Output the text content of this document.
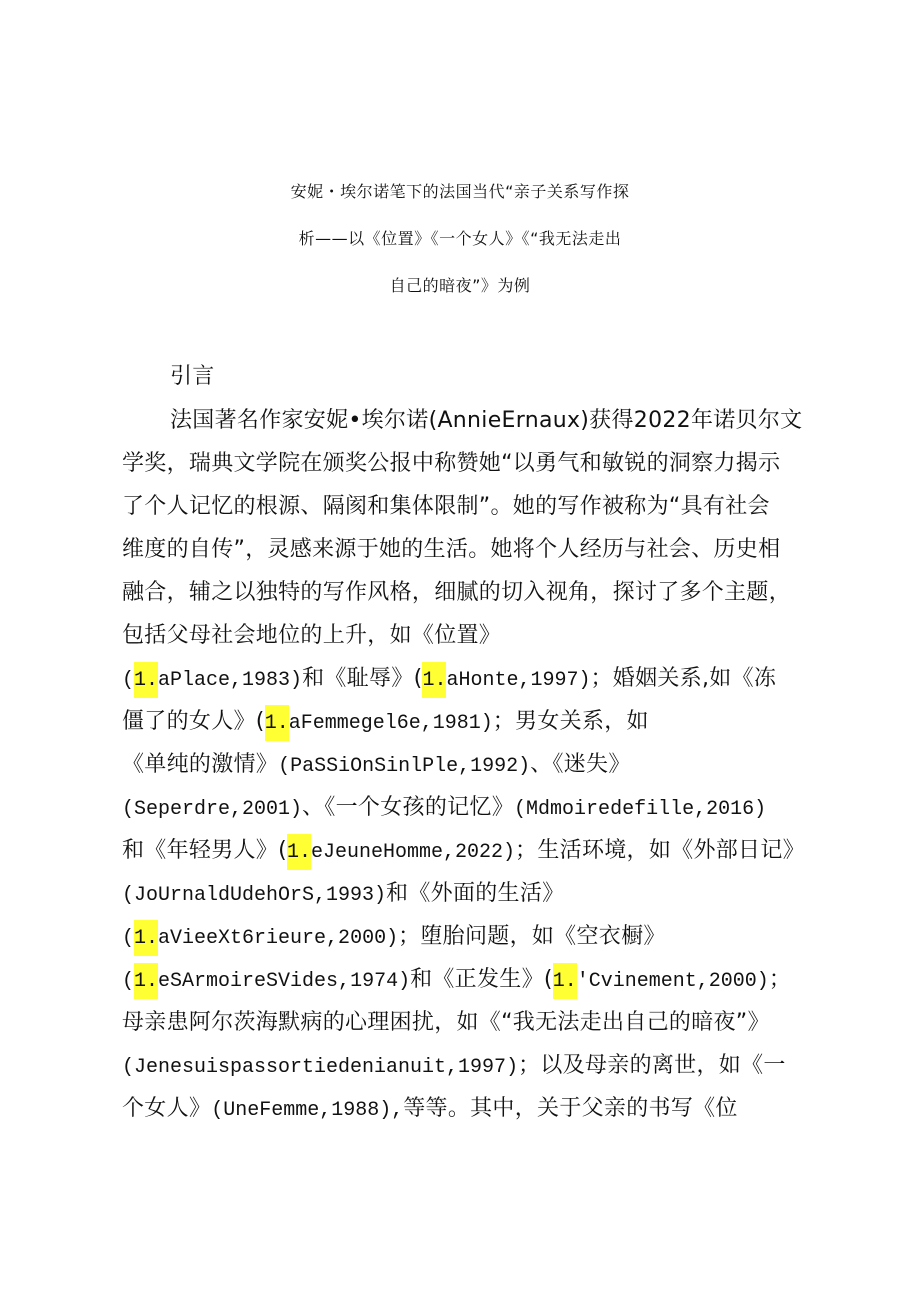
安妮・埃尔诺笔下的法国当代“亲子关系写作探
析——以《位置》《一个女人》《“我无法走出
自己的暗夜”》为例
引言
法国著名作家安妮•埃尔诺(AnnieErnaux)获得2022年诺贝尔文
学奖，瑞典文学院在颁奖公报中称赞她“以勇气和敏锐的洞察力揭示
了个人记忆的根源、隔阂和集体限制”。她的写作被称为“具有社会
维度的自传”，灵感来源于她的生活。她将个人经历与社会、历史相
融合，辅之以独特的写作风格，细腻的切入视角，探讨了多个主题，
包括父母社会地位的上升，如《位置》
(1.aPlace,1983)和《耻辱》(1.aHonte,1997)；婚姻关系,如《冻
僵了的女人》(1.aFemmegel6e,1981)；男女关系，如
《单纯的激情》(PaSSiOnSinlPle,1992)、《迷失》
(Seperdre,2001)、《一个女孩的记忆》(Mdmoiredefille,2016)
和《年轻男人》(1.eJeuneHomme,2022)；生活环境，如《外部日记》
(JoUrnaldUdehOrS,1993)和《外面的生活》
(1.aVieeXt6rieure,2000)；堕胎问题，如《空衣橱》
(1.eSArmoireSVides,1974)和《正发生》(1.'Cvinement,2000)；
母亲患阿尔茨海默病的心理困扰，如《“我无法走出自己的暗夜”》
(Jenesuispassortiedenianuit,1997)；以及母亲的离世，如《一
个女人》(UneFemme,1988),等等。其中，关于父亲的书写《位
